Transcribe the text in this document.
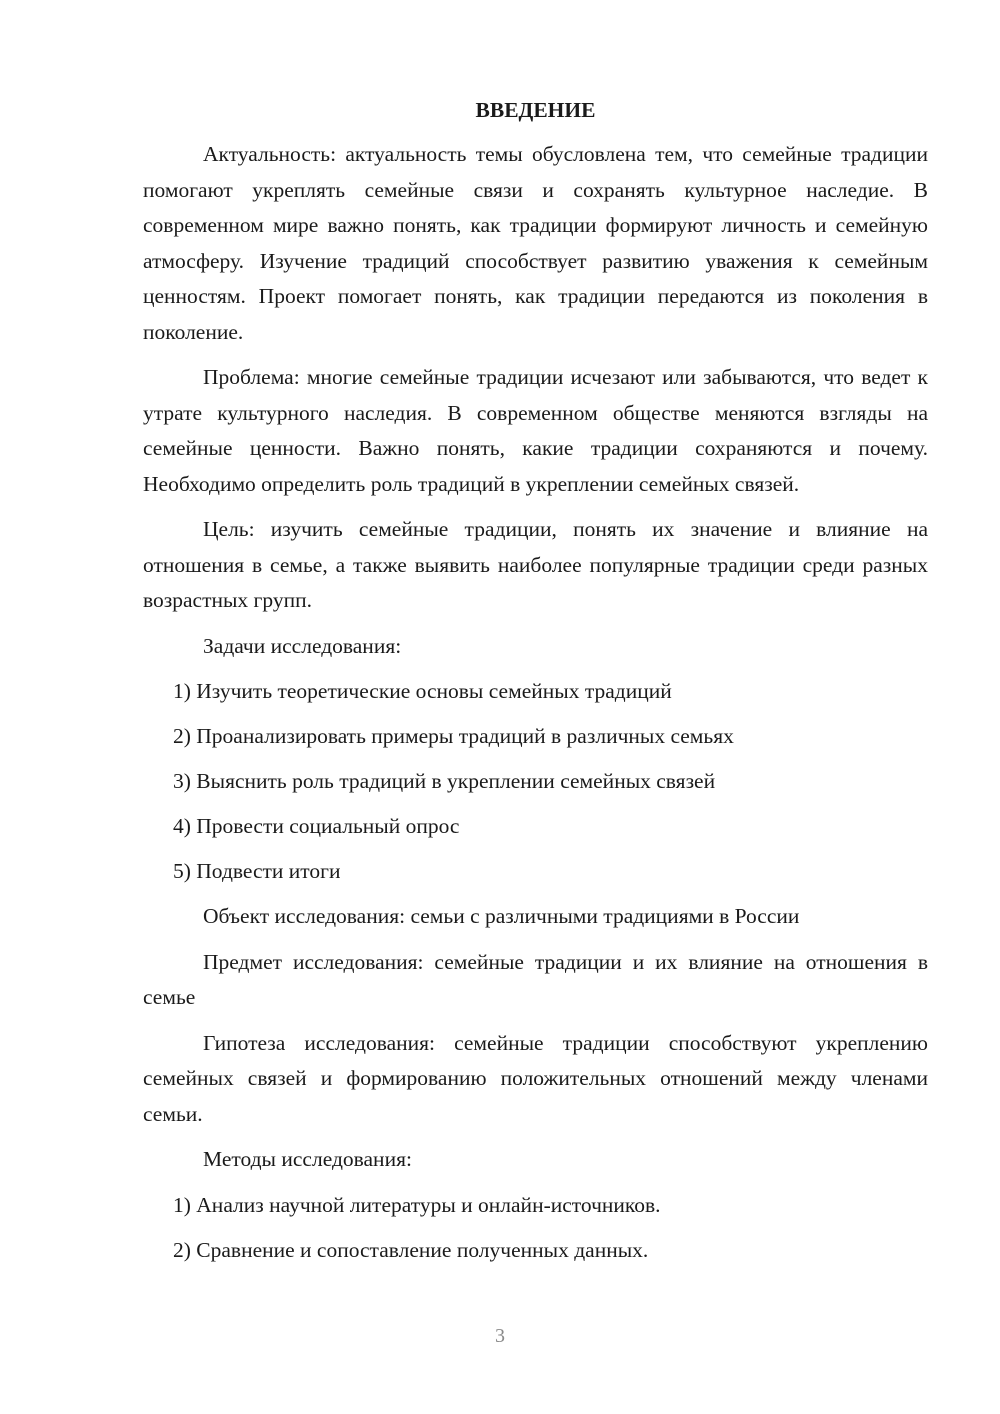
ВВЕДЕНИЕ
Актуальность: актуальность темы обусловлена тем, что семейные традиции помогают укреплять семейные связи и сохранять культурное наследие. В современном мире важно понять, как традиции формируют личность и семейную атмосферу. Изучение традиций способствует развитию уважения к семейным ценностям. Проект помогает понять, как традиции передаются из поколения в поколение.
Проблема: многие семейные традиции исчезают или забываются, что ведет к утрате культурного наследия. В современном обществе меняются взгляды на семейные ценности. Важно понять, какие традиции сохраняются и почему. Необходимо определить роль традиций в укреплении семейных связей.
Цель: изучить семейные традиции, понять их значение и влияние на отношения в семье, а также выявить наиболее популярные традиции среди разных возрастных групп.
Задачи исследования:
1) Изучить теоретические основы семейных традиций
2) Проанализировать примеры традиций в различных семьях
3) Выяснить роль традиций в укреплении семейных связей
4) Провести социальный опрос
5) Подвести итоги
Объект исследования: семьи с различными традициями в России
Предмет исследования: семейные традиции и их влияние на отношения в семье
Гипотеза исследования: семейные традиции способствуют укреплению семейных связей и формированию положительных отношений между членами семьи.
Методы исследования:
1) Анализ научной литературы и онлайн-источников.
2) Сравнение и сопоставление полученных данных.
3
